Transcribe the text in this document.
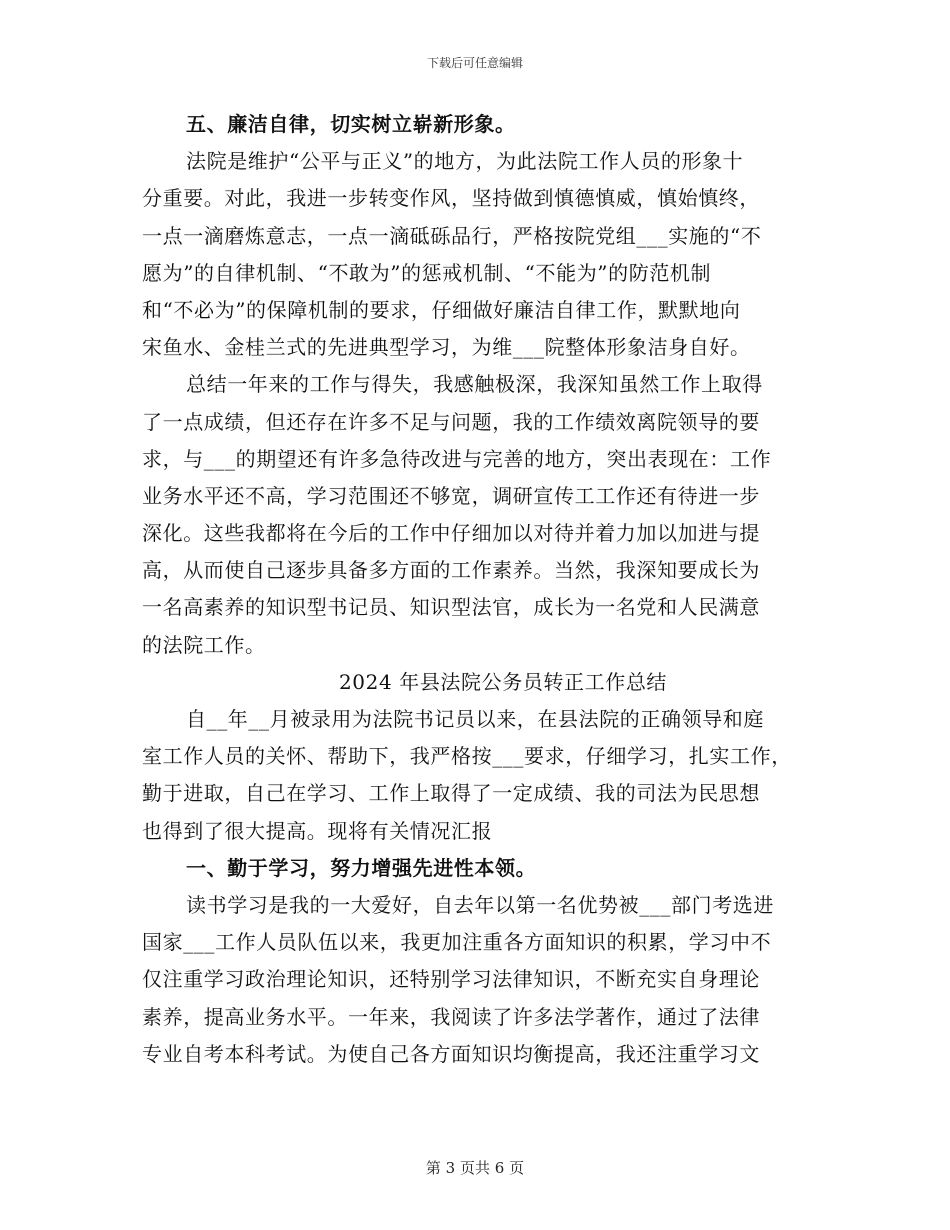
下载后可任意编辑
五、廉洁自律，切实树立崭新形象。
法院是维护“公平与正义”的地方，为此法院工作人员的形象十
分重要。对此，我进一步转变作风，坚持做到慎德慎威，慎始慎终，
一点一滴磨炼意志，一点一滴砥砾品行，严格按院党组___实施的“不
愿为”的自律机制、“不敢为”的惩戒机制、“不能为”的防范机制
和“不必为”的保障机制的要求，仔细做好廉洁自律工作，默默地向
宋鱼水、金桂兰式的先进典型学习，为维___院整体形象洁身自好。
总结一年来的工作与得失，我感触极深，我深知虽然工作上取得
了一点成绩，但还存在许多不足与问题，我的工作绩效离院领导的要
求，与___的期望还有许多急待改进与完善的地方，突出表现在：工作
业务水平还不高，学习范围还不够宽，调研宣传工工作还有待进一步
深化。这些我都将在今后的工作中仔细加以对待并着力加以加进与提
高，从而使自己逐步具备多方面的工作素养。当然，我深知要成长为
一名高素养的知识型书记员、知识型法官，成长为一名党和人民满意
的法院工作。
2024 年县法院公务员转正工作总结
自__年__月被录用为法院书记员以来，在县法院的正确领导和庭
室工作人员的关怀、帮助下，我严格按___要求，仔细学习，扎实工作，
勤于进取，自己在学习、工作上取得了一定成绩、我的司法为民思想
也得到了很大提高。现将有关情况汇报
一、勤于学习，努力增强先进性本领。
读书学习是我的一大爱好，自去年以第一名优势被___部门考选进
国家___工作人员队伍以来，我更加注重各方面知识的积累，学习中不
仅注重学习政治理论知识，还特别学习法律知识，不断充实自身理论
素养，提高业务水平。一年来，我阅读了许多法学著作，通过了法律
专业自考本科考试。为使自己各方面知识均衡提高，我还注重学习文
第 3 页共 6 页
